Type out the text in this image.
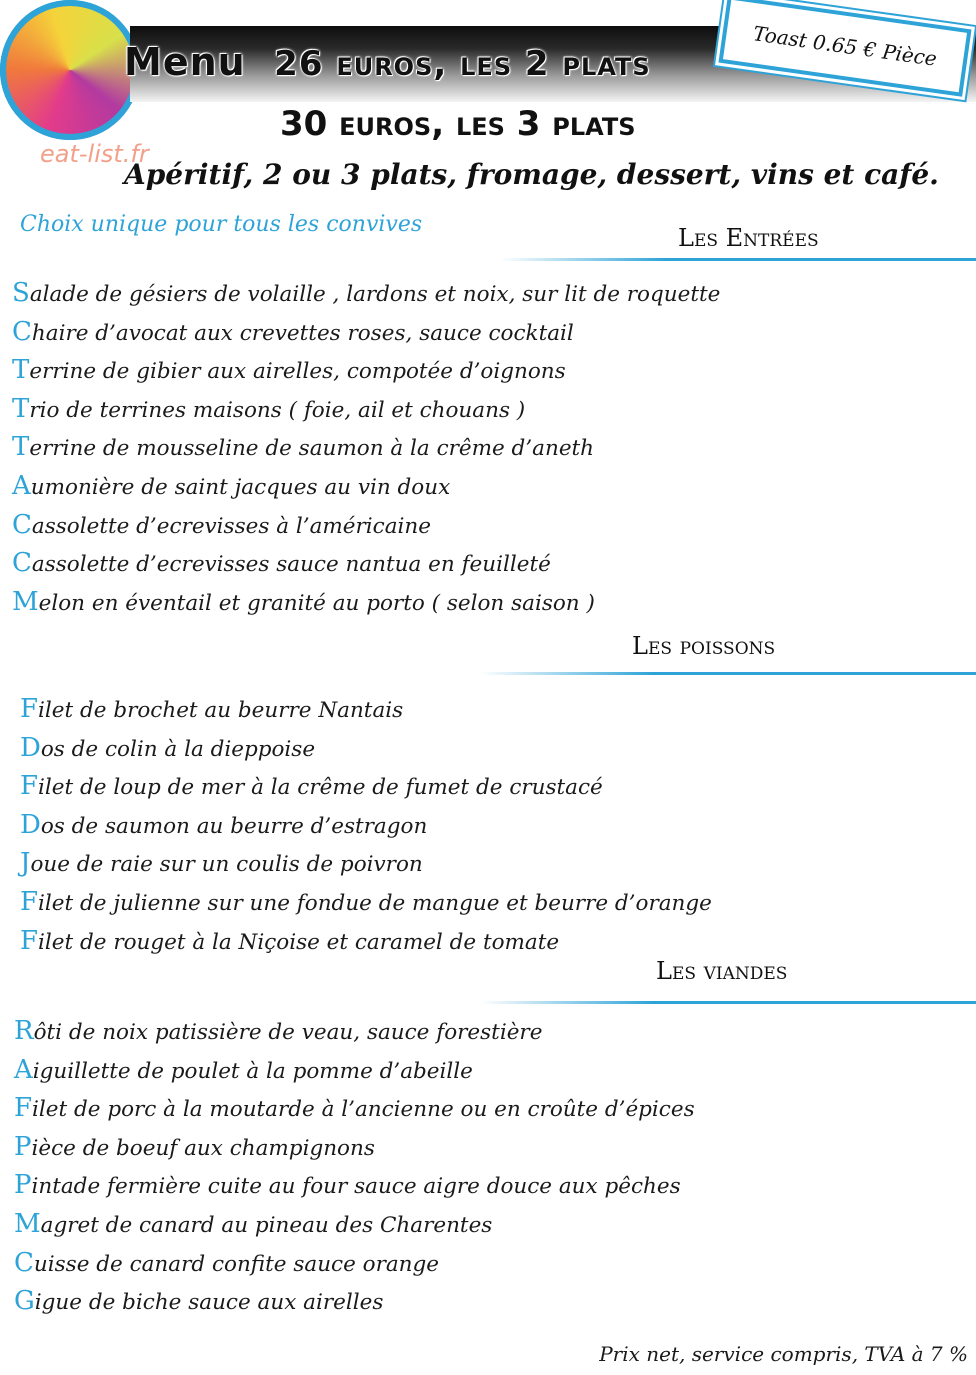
eat-list.fr
Menu 26 euros, les 2 plats	Toast 0.65 € Pièce
30 euros, les 3 plats
Apéritif, 2 ou 3 plats, fromage, dessert, vins et café.
Choix unique pour tous les convives	Les Entrées
Salade de gésiers de volaille , lardons et noix, sur lit de roquette
Chaire d’avocat aux crevettes roses, sauce cocktail
Terrine de gibier aux airelles, compotée d’oignons
Trio de terrines maisons ( foie, ail et chouans )
Terrine de mousseline de saumon à la crême d’aneth
Aumonière de saint jacques au vin doux
Cassolette d’ecrevisses à l’américaine
Cassolette d’ecrevisses sauce nantua en feuilleté
Melon en éventail et granité au porto ( selon saison )
Les poissons
Filet de brochet au beurre Nantais
Dos de colin à la dieppoise
Filet de loup de mer à la crême de fumet de crustacé
Dos de saumon au beurre d’estragon
Joue de raie sur un coulis de poivron
Filet de julienne sur une fondue de mangue et beurre d’orange
Filet de rouget à la Niçoise et caramel de tomate
Les viandes
Rôti de noix patissière de veau, sauce forestière
Aiguillette de poulet à la pomme d’abeille
Filet de porc à la moutarde à l’ancienne ou en croûte d’épices
Pièce de boeuf aux champignons
Pintade fermière cuite au four sauce aigre douce aux pêches
Magret de canard au pineau des Charentes
Cuisse de canard confite sauce orange
Gigue de biche sauce aux airelles
Prix net, service compris, TVA à 7 %
